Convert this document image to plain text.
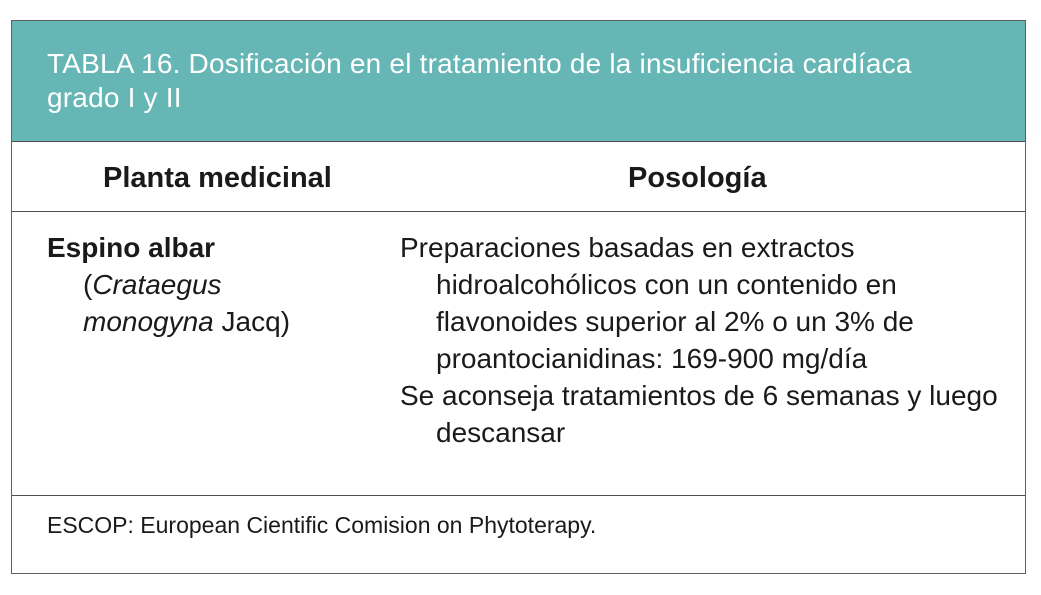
TABLA 16. Dosificación en el tratamiento de la insuficiencia cardíaca grado I y II
Planta medicinal	Posología
Espino albar
(Crataegus
monogyna Jacq)
Preparaciones basadas en extractos hidroalcohólicos con un contenido en flavonoides superior al 2% o un 3% de proantocianidinas: 169-900 mg/día
Se aconseja tratamientos de 6 semanas y luego descansar
ESCOP: European Cientific Comision on Phytoterapy.
